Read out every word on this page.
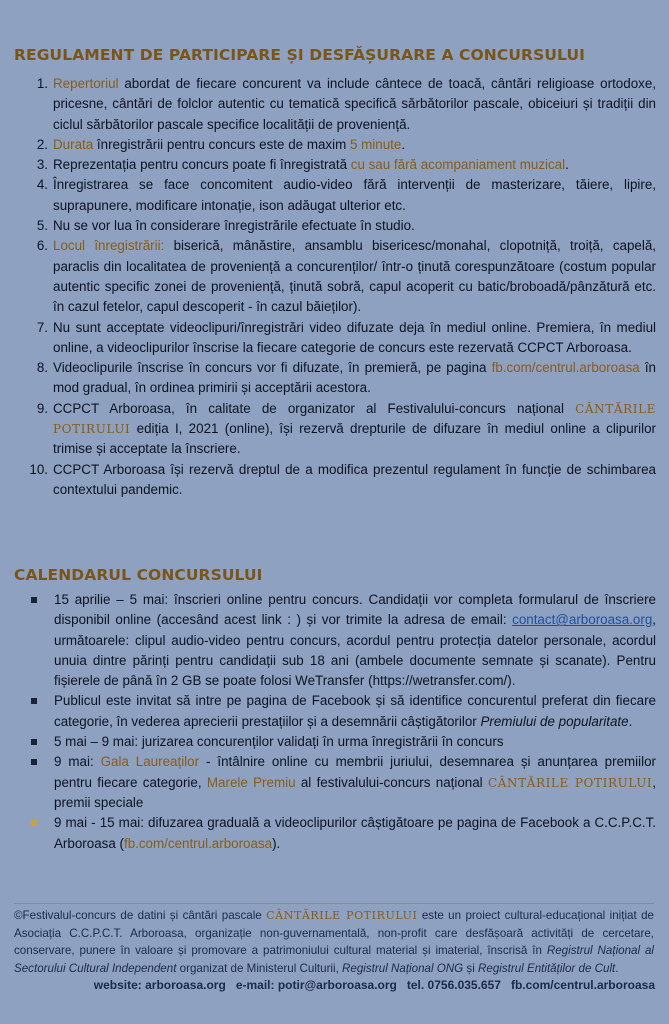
REGULAMENT DE PARTICIPARE ȘI DESFĂȘURARE A CONCURSULUI
1. Repertoriul abordat de fiecare concurent va include cântece de toacă, cântări religioase ortodoxe, pricesne, cântări de folclor autentic cu tematică specifică sărbătorilor pascale, obiceiuri și tradiții din ciclul sărbătorilor pascale specifice localității de proveniență.
2. Durata înregistrării pentru concurs este de maxim 5 minute.
3. Reprezentația pentru concurs poate fi înregistrată cu sau fără acompaniament muzical.
4. Înregistrarea se face concomitent audio-video fără intervenții de masterizare, tăiere, lipire, suprapunere, modificare intonație, ison adăugat ulterior etc.
5. Nu se vor lua în considerare înregistrările efectuate în studio.
6. Locul înregistrării: biserică, mânăstire, ansamblu bisericesc/monahal, clopotniță, troiță, capelă, paraclis din localitatea de proveniență a concurenților/ într-o ținută corespunzătoare (costum popular autentic specific zonei de proveniență, ținută sobră, capul acoperit cu batic/broboadă/pânzătură etc. în cazul fetelor, capul descoperit - în cazul băieților).
7. Nu sunt acceptate videoclipuri/înregistrări video difuzate deja în mediul online. Premiera, în mediul online, a videoclipurilor înscrise la fiecare categorie de concurs este rezervată CCPCT Arboroasa.
8. Videoclipurile înscrise în concurs vor fi difuzate, în premieră, pe pagina fb.com/centrul.arboroasa în mod gradual, în ordinea primirii și acceptării acestora.
9. CCPCT Arboroasa, în calitate de organizator al Festivalului-concurs național CÂNTĂRILE POTIRULUI ediția I, 2021 (online), își rezervă drepturile de difuzare în mediul online a clipurilor trimise și acceptate la înscriere.
10. CCPCT Arboroasa își rezervă dreptul de a modifica prezentul regulament în funcție de schimbarea contextului pandemic.
CALENDARUL CONCURSULUI
15 aprilie – 5 mai: înscrieri online pentru concurs. Candidații vor completa formularul de înscriere disponibil online (accesând acest link : ) și vor trimite la adresa de email: contact@arboroasa.org, următoarele: clipul audio-video pentru concurs, acordul pentru protecția datelor personale, acordul unuia dintre părinți pentru candidații sub 18 ani (ambele documente semnate și scanate). Pentru fișierele de până în 2 GB se poate folosi WeTransfer (https://wetransfer.com/).
Publicul este invitat să intre pe pagina de Facebook și să identifice concurentul preferat din fiecare categorie, în vederea aprecierii prestațiilor și a desemnării câștigătorilor Premiului de popularitate.
5 mai – 9 mai: jurizarea concurenților validați în urma înregistrării în concurs
9 mai: Gala Laureaților - întâlnire online cu membrii juriului, desemnarea și anunțarea premiilor pentru fiecare categorie, Marele Premiu al festivalului-concurs național CÂNTĂRILE POTIRULUI, premii speciale
9 mai - 15 mai: difuzarea graduală a videoclipurilor câștigătoare pe pagina de Facebook a C.C.P.C.T. Arboroasa (fb.com/centrul.arboroasa).
©Festivalul-concurs de datini și cântări pascale CÂNTĂRILE POTIRULUI este un proiect cultural-educațional inițiat de Asociația C.C.P.C.T. Arboroasa, organizație non-guvernamentală, non-profit care desfășoară activități de cercetare, conservare, punere în valoare și promovare a patrimoniului cultural material și imaterial, înscrisă în Registrul Național al Sectorului Cultural Independent organizat de Ministerul Culturii, Registrul Național ONG și Registrul Entităților de Cult.
website: arboroasa.org e-mail: potir@arboroasa.org tel. 0756.035.657 fb.com/centrul.arboroasa
